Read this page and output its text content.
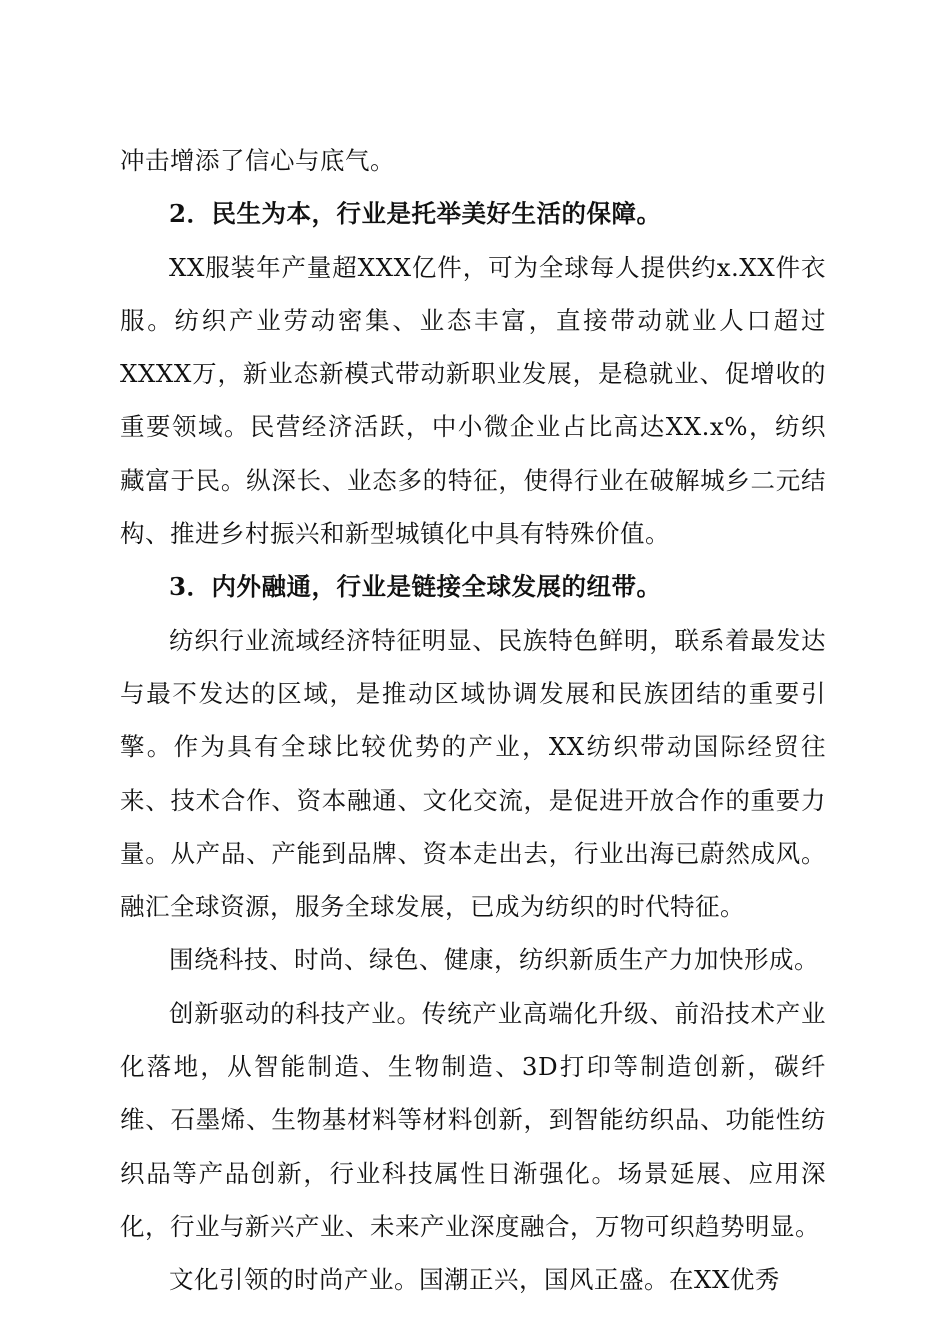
冲击增添了信心与底气。

2．民生为本，行业是托举美好生活的保障。

XX服装年产量超XXX亿件，可为全球每人提供约x.XX件衣服。纺织产业劳动密集、业态丰富，直接带动就业人口超过XXXX万，新业态新模式带动新职业发展，是稳就业、促增收的重要领域。民营经济活跃，中小微企业占比高达XX.x%，纺织藏富于民。纵深长、业态多的特征，使得行业在破解城乡二元结构、推进乡村振兴和新型城镇化中具有特殊价值。

3．内外融通，行业是链接全球发展的纽带。

纺织行业流域经济特征明显、民族特色鲜明，联系着最发达与最不发达的区域，是推动区域协调发展和民族团结的重要引擎。作为具有全球比较优势的产业，XX纺织带动国际经贸往来、技术合作、资本融通、文化交流，是促进开放合作的重要力量。从产品、产能到品牌、资本走出去，行业出海已蔚然成风。融汇全球资源，服务全球发展，已成为纺织的时代特征。

围绕科技、时尚、绿色、健康，纺织新质生产力加快形成。

创新驱动的科技产业。传统产业高端化升级、前沿技术产业化落地，从智能制造、生物制造、3D打印等制造创新，碳纤维、石墨烯、生物基材料等材料创新，到智能纺织品、功能性纺织品等产品创新，行业科技属性日渐强化。场景延展、应用深化，行业与新兴产业、未来产业深度融合，万物可织趋势明显。

文化引领的时尚产业。国潮正兴，国风正盛。在XX优秀
